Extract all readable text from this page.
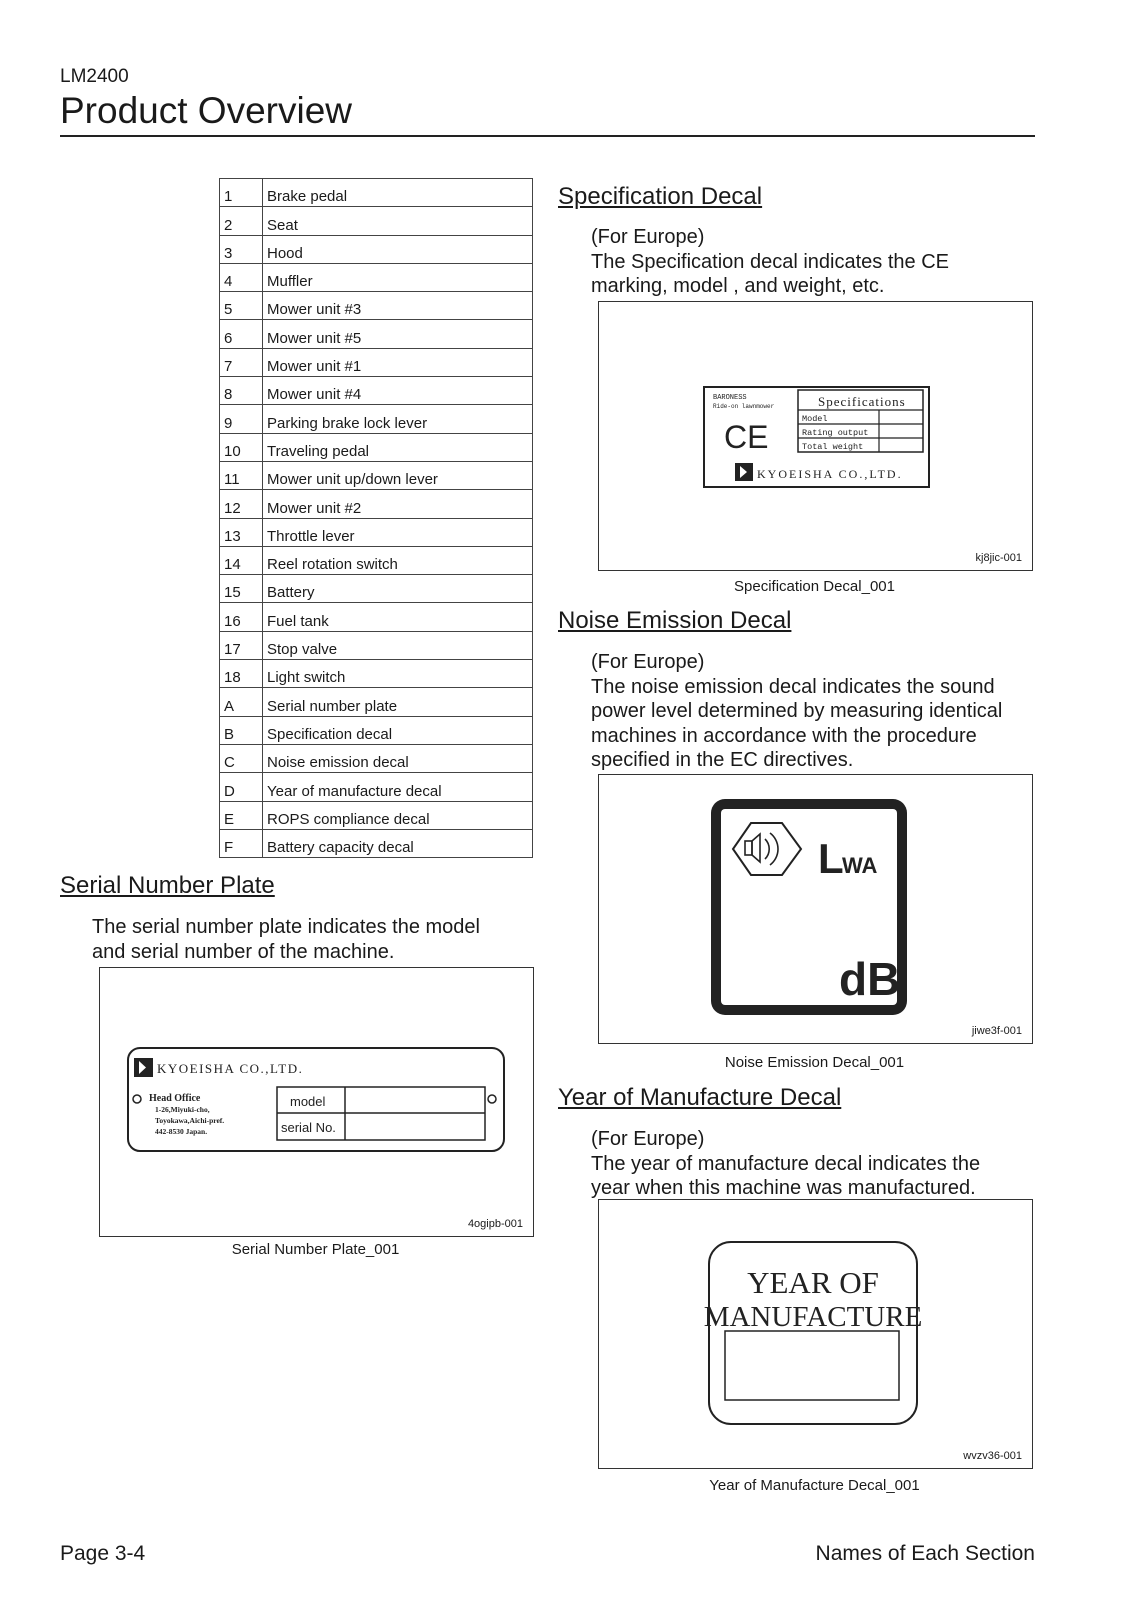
LM2400
Product Overview
1	Brake pedal
2	Seat
3	Hood
4	Muffler
5	Mower unit #3
6	Mower unit #5
7	Mower unit #1
8	Mower unit #4
9	Parking brake lock lever
10	Traveling pedal
11	Mower unit up/down lever
12	Mower unit #2
13	Throttle lever
14	Reel rotation switch
15	Battery
16	Fuel tank
17	Stop valve
18	Light switch
A	Serial number plate
B	Specification decal
C	Noise emission decal
D	Year of manufacture decal
E	ROPS compliance decal
F	Battery capacity decal
Serial Number Plate
The serial number plate indicates the model
and serial number of the machine.
KYOEISHA CO.,LTD.
Head Office
1-26,Miyuki-cho,
Toyokawa,Aichi-pref.
442-8530 Japan.
model
serial No.
4ogipb-001
Serial Number Plate_001
Specification Decal
(For Europe)
The Specification decal indicates the CE
marking, model , and weight, etc.
BARONESS
Ride-on lawnmower
CE
Specifications
Model
Rating output
Total weight
KYOEISHA CO.,LTD.
kj8jic-001
Specification Decal_001
Noise Emission Decal
(For Europe)
The noise emission decal indicates the sound
power level determined by measuring identical
machines in accordance with the procedure
specified in the EC directives.
L
WA
dB
jiwe3f-001
Noise Emission Decal_001
Year of Manufacture Decal
(For Europe)
The year of manufacture decal indicates the
year when this machine was manufactured.
YEAR OF
MANUFACTURE
wvzv36-001
Year of Manufacture Decal_001
Page 3-4	Names of Each Section
